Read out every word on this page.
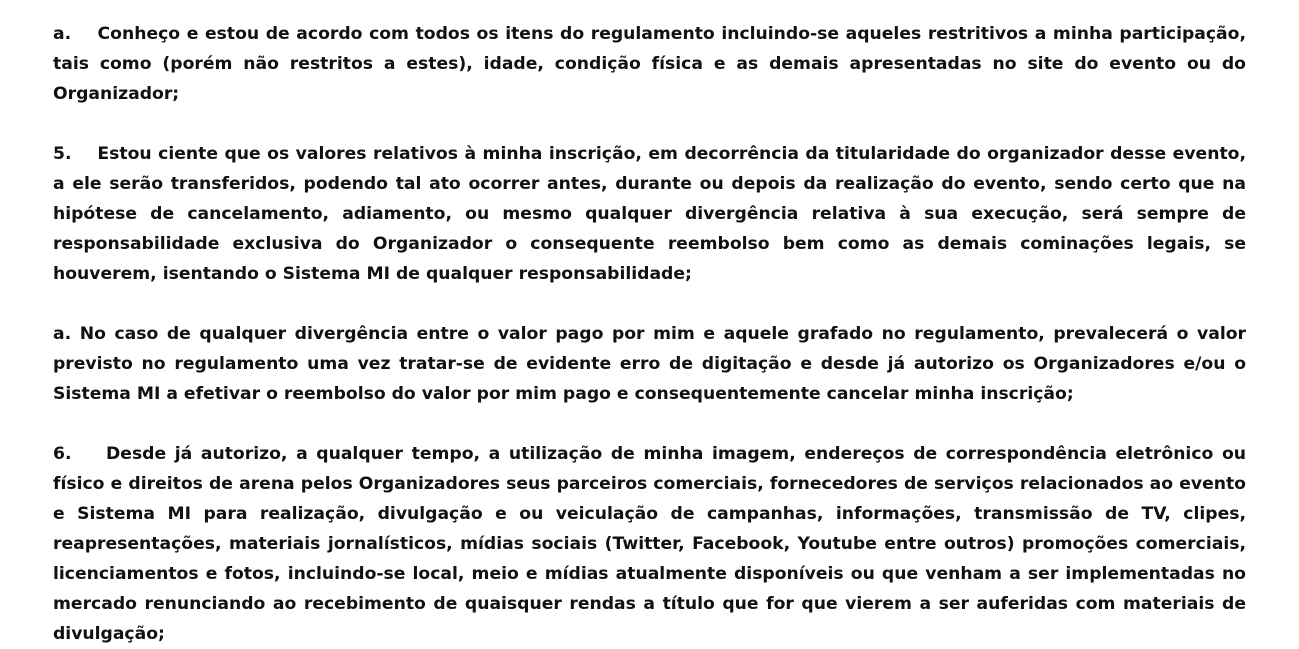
a.    Conheço e estou de acordo com todos os itens do regulamento incluindo-se aqueles restritivos a minha participação, tais como (porém não restritos a estes), idade, condição física e as demais apresentadas no site do evento ou do Organizador;

5.    Estou ciente que os valores relativos à minha inscrição, em decorrência da titularidade do organizador desse evento, a ele serão transferidos, podendo tal ato ocorrer antes, durante ou depois da realização do evento, sendo certo que na hipótese de cancelamento, adiamento, ou mesmo qualquer divergência relativa à sua execução, será sempre de responsabilidade exclusiva do Organizador o consequente reembolso bem como as demais cominações legais, se houverem, isentando o Sistema MI de qualquer responsabilidade;

a. No caso de qualquer divergência entre o valor pago por mim e aquele grafado no regulamento, prevalecerá o valor previsto no regulamento uma vez tratar-se de evidente erro de digitação e desde já autorizo os Organizadores e/ou o Sistema MI a efetivar o reembolso do valor por mim pago e consequentemente cancelar minha inscrição;

6.    Desde já autorizo, a qualquer tempo, a utilização de minha imagem, endereços de correspondência eletrônico ou físico e direitos de arena pelos Organizadores seus parceiros comerciais, fornecedores de serviços relacionados ao evento e Sistema MI para realização, divulgação e ou veiculação de campanhas, informações, transmissão de TV, clipes, reapresentações, materiais jornalísticos, mídias sociais (Twitter, Facebook, Youtube entre outros) promoções comerciais, licenciamentos e fotos, incluindo-se local, meio e mídias atualmente disponíveis ou que venham a ser implementadas no mercado renunciando ao recebimento de quaisquer rendas a título que for que vierem a ser auferidas com materiais de divulgação;
